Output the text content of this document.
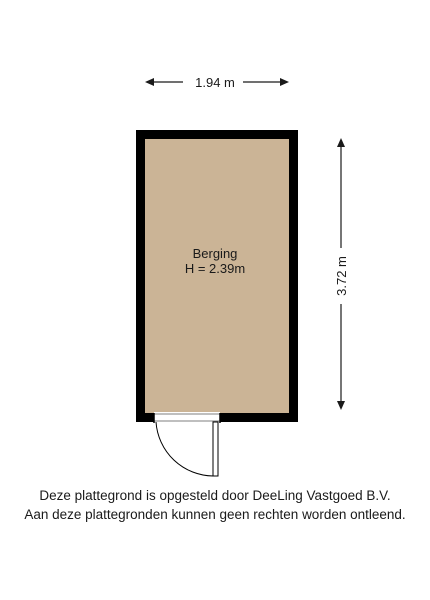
1.94 m
3.72 m
Berging
H = 2.39m
Deze plattegrond is opgesteld door DeeLing Vastgoed B.V.
Aan deze plattegronden kunnen geen rechten worden ontleend.
